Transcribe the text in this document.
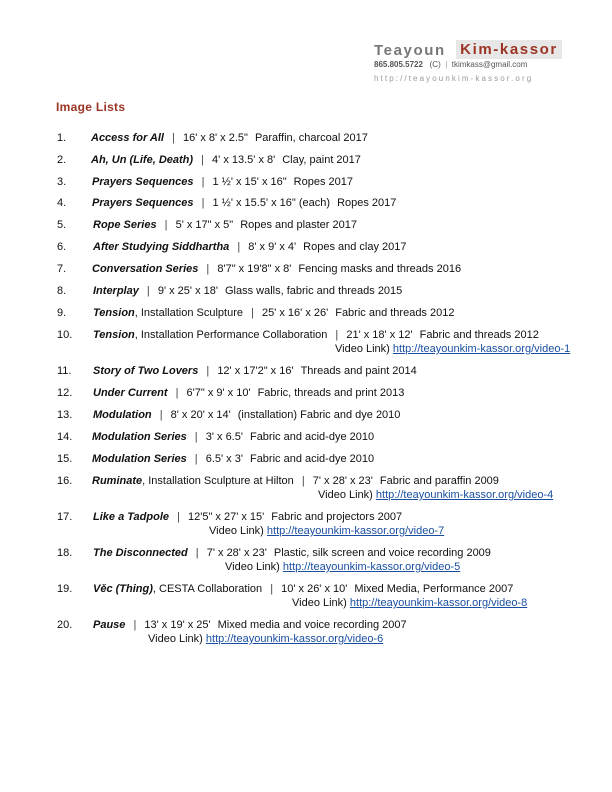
Teayoun Kim-kassor
865.805.5722 (C)  |  tkimkass@gmail.com
http://teayounkim-kassor.org
Image Lists
1. Access for All | 16' x 8' x 2.5" Paraffin, charcoal 2017
2. Ah, Un (Life, Death) | 4' x 13.5' x 8' Clay, paint 2017
3. Prayers Sequences | 1 ½' x 15' x 16" Ropes 2017
4. Prayers Sequences | 1 ½' x 15.5' x 16" (each) Ropes 2017
5. Rope Series | 5' x 17" x 5" Ropes and plaster 2017
6. After Studying Siddhartha | 8' x 9' x 4' Ropes and clay 2017
7. Conversation Series | 8'7" x 19'8" x 8' Fencing masks and threads 2016
8. Interplay | 9' x 25' x 18' Glass walls, fabric and threads 2015
9. Tension, Installation Sculpture | 25' x 16' x 26' Fabric and threads 2012
10. Tension, Installation Performance Collaboration | 21' x 18' x 12' Fabric and threads 2012
Video Link) http://teayounkim-kassor.org/video-1
11. Story of Two Lovers | 12' x 17'2" x 16' Threads and paint 2014
12. Under Current | 6'7" x 9' x 10' Fabric, threads and print 2013
13. Modulation | 8' x 20' x 14' (installation) Fabric and dye 2010
14. Modulation Series | 3' x 6.5' Fabric and acid-dye 2010
15. Modulation Series | 6.5' x 3' Fabric and acid-dye 2010
16. Ruminate, Installation Sculpture at Hilton | 7' x 28' x 23' Fabric and paraffin 2009
Video Link) http://teayounkim-kassor.org/video-4
17. Like a Tadpole | 12'5" x 27' x 15' Fabric and projectors 2007
Video Link) http://teayounkim-kassor.org/video-7
18. The Disconnected | 7' x 28' x 23' Plastic, silk screen and voice recording 2009
Video Link) http://teayounkim-kassor.org/video-5
19. Věc (Thing), CESTA Collaboration | 10' x 26' x 10' Mixed Media, Performance 2007
Video Link) http://teayounkim-kassor.org/video-8
20. Pause | 13' x 19' x 25' Mixed media and voice recording 2007
Video Link) http://teayounkim-kassor.org/video-6
